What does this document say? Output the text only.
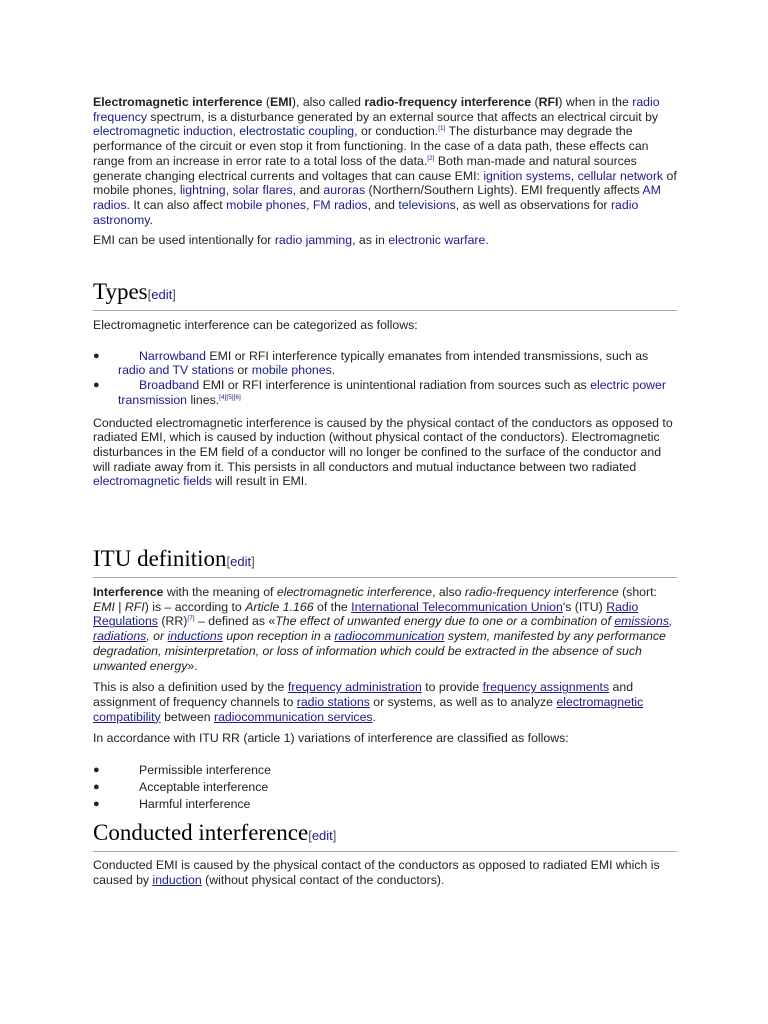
Electromagnetic interference (EMI), also called radio-frequency interference (RFI) when in the radio frequency spectrum, is a disturbance generated by an external source that affects an electrical circuit by electromagnetic induction, electrostatic coupling, or conduction.[1] The disturbance may degrade the performance of the circuit or even stop it from functioning. In the case of a data path, these effects can range from an increase in error rate to a total loss of the data.[2] Both man-made and natural sources generate changing electrical currents and voltages that can cause EMI: ignition systems, cellular network of mobile phones, lightning, solar flares, and auroras (Northern/Southern Lights). EMI frequently affects AM radios. It can also affect mobile phones, FM radios, and televisions, as well as observations for radio astronomy.

EMI can be used intentionally for radio jamming, as in electronic warfare.

Types[edit]

Electromagnetic interference can be categorized as follows:

●	Narrowband EMI or RFI interference typically emanates from intended transmissions, such as radio and TV stations or mobile phones.
●	Broadband EMI or RFI interference is unintentional radiation from sources such as electric power transmission lines.[4][5][6]

Conducted electromagnetic interference is caused by the physical contact of the conductors as opposed to radiated EMI, which is caused by induction (without physical contact of the conductors). Electromagnetic disturbances in the EM field of a conductor will no longer be confined to the surface of the conductor and will radiate away from it. This persists in all conductors and mutual inductance between two radiated electromagnetic fields will result in EMI.

ITU definition[edit]

Interference with the meaning of electromagnetic interference, also radio-frequency interference (short: EMI | RFI) is – according to Article 1.166 of the International Telecommunication Union's (ITU) Radio Regulations (RR)[7] – defined as «The effect of unwanted energy due to one or a combination of emissions, radiations, or inductions upon reception in a radiocommunication system, manifested by any performance degradation, misinterpretation, or loss of information which could be extracted in the absence of such unwanted energy».

This is also a definition used by the frequency administration to provide frequency assignments and assignment of frequency channels to radio stations or systems, as well as to analyze electromagnetic compatibility between radiocommunication services.

In accordance with ITU RR (article 1) variations of interference are classified as follows:

●	Permissible interference
●	Acceptable interference
●	Harmful interference
Conducted interference[edit]

Conducted EMI is caused by the physical contact of the conductors as opposed to radiated EMI which is caused by induction (without physical contact of the conductors).
